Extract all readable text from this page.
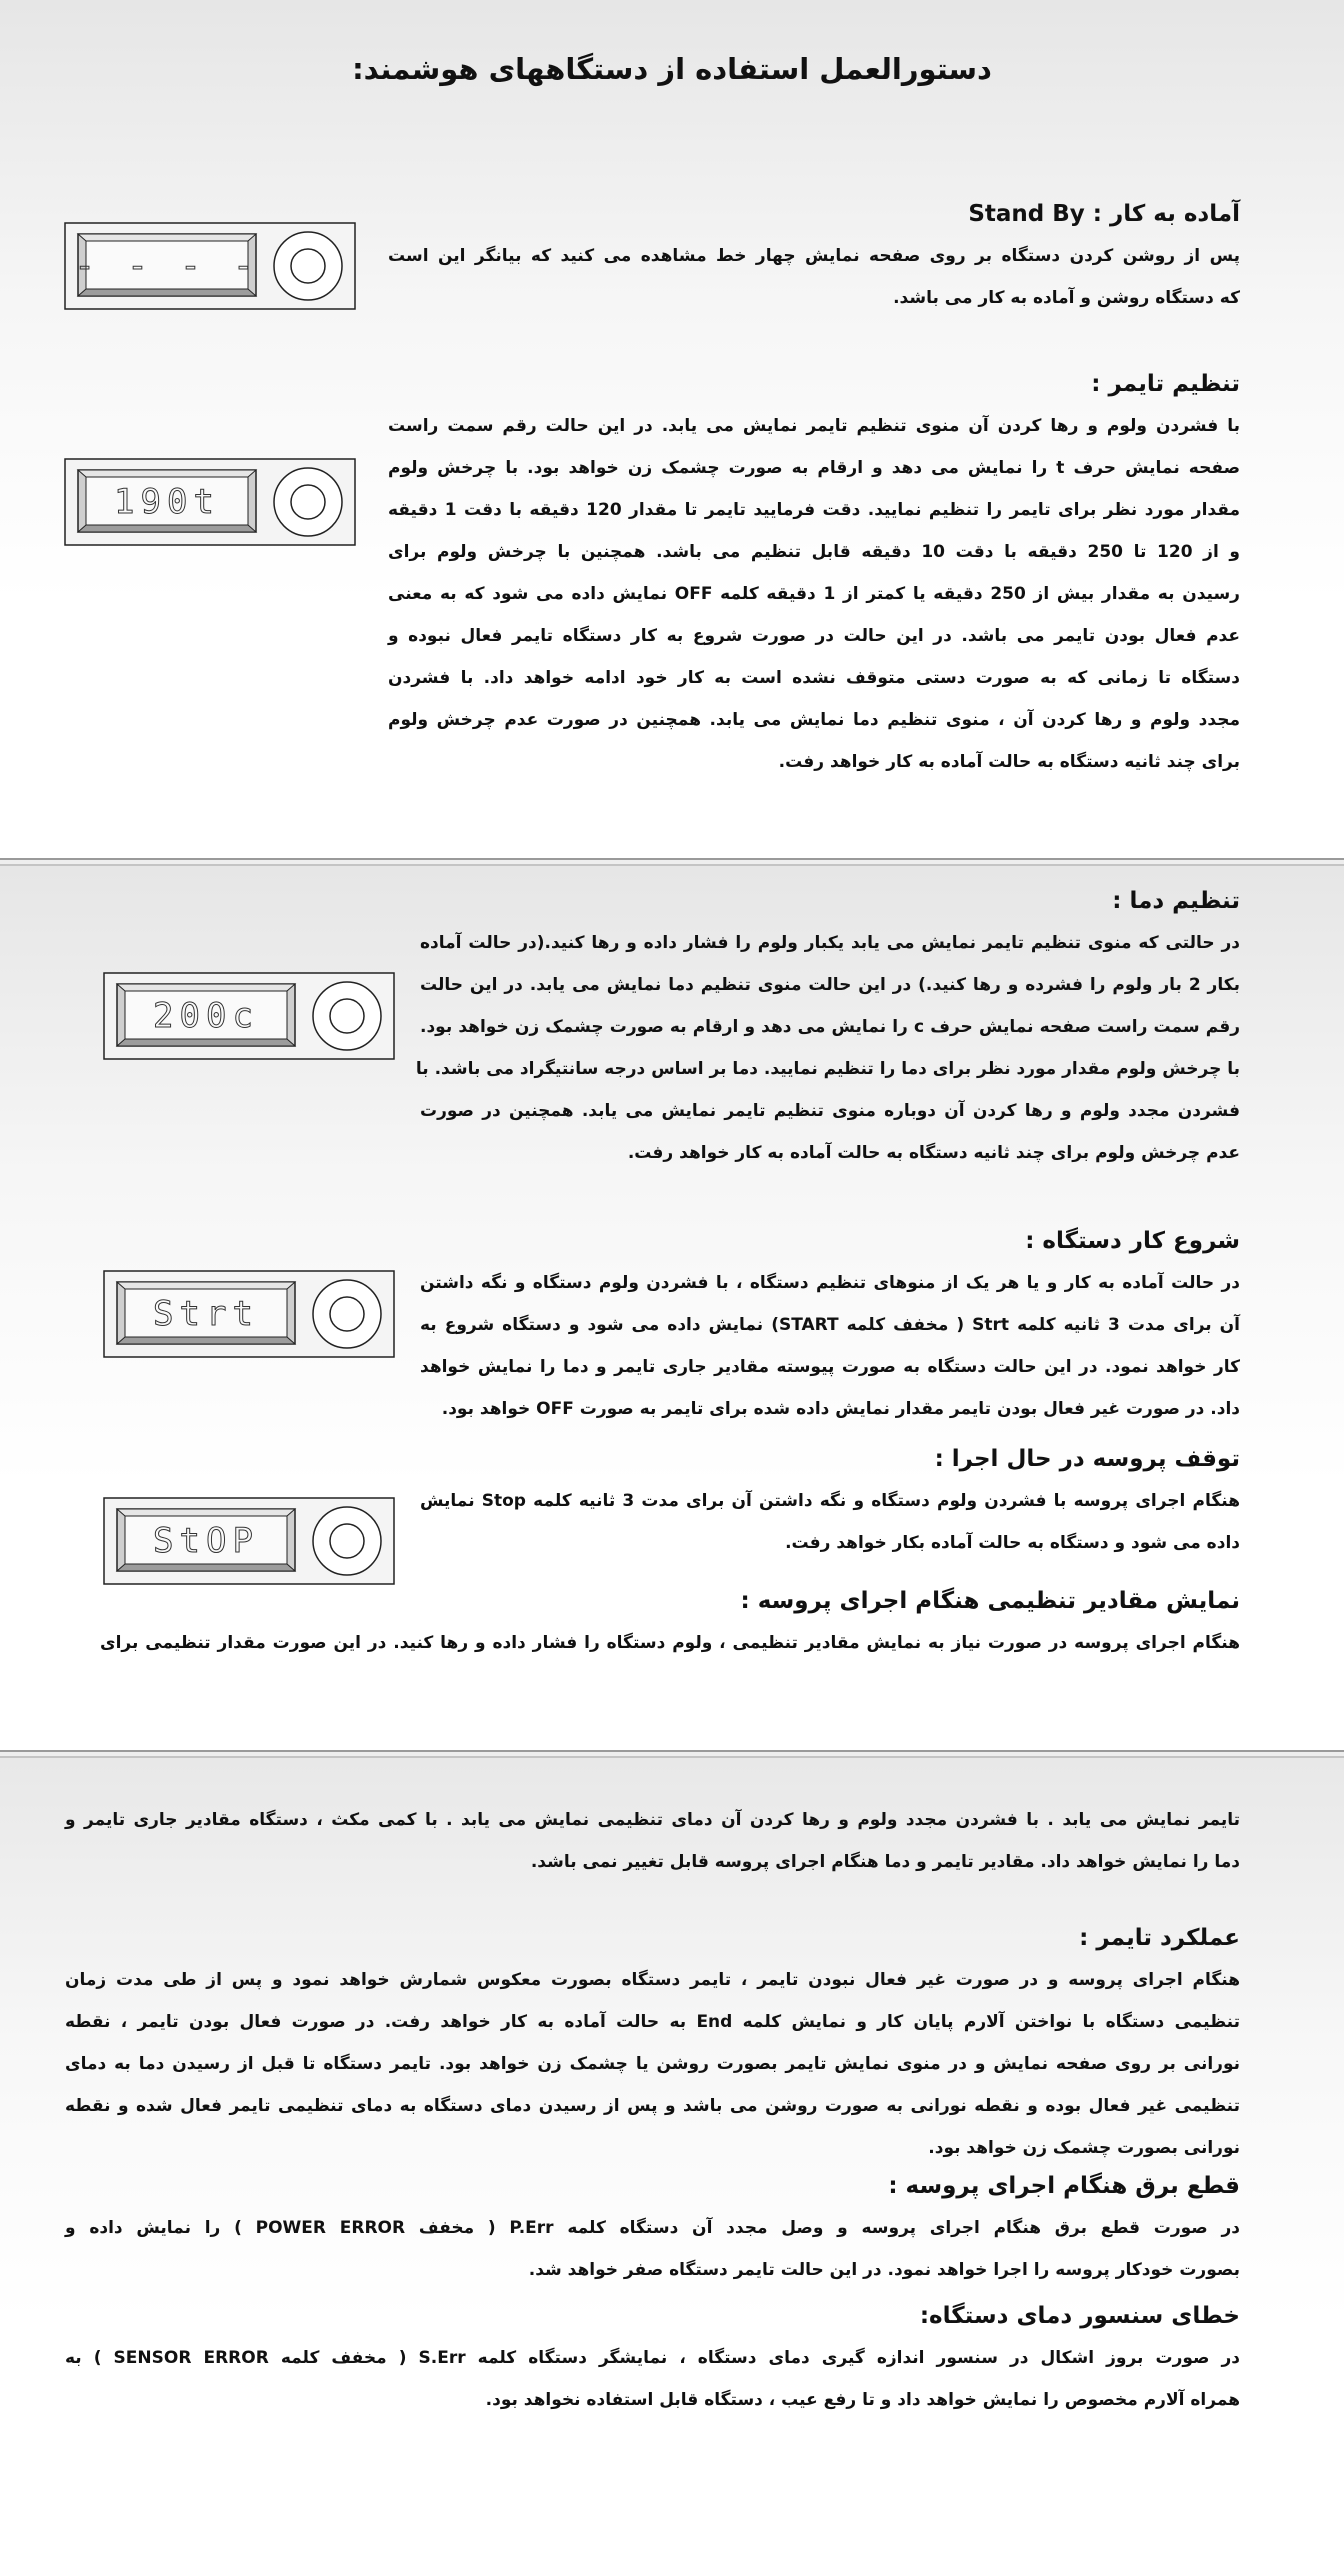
دستورالعمل استفاده از دستگاههای هوشمند:
آماده به کار : Stand By
پس از روشن کردن دستگاه بر روی صفحه نمایش چهار خط مشاهده می کنید که بیانگر این است
که دستگاه روشن و آماده به کار می باشد.
تنظیم تایمر :
با فشردن ولوم و رها کردن آن منوی تنظیم تایمر نمایش می یابد. در این حالت رقم سمت راست
صفحه نمایش حرف t را نمایش می دهد و ارقام به صورت چشمک زن خواهد بود. با چرخش ولوم
مقدار مورد نظر برای تایمر را تنظیم نمایید. دقت فرمایید تایمر تا مقدار 120 دقیقه با دقت 1 دقیقه
و از 120 تا 250 دقیقه با دقت 10 دقیقه قابل تنظیم می باشد. همچنین با چرخش ولوم برای
رسیدن به مقدار بیش از 250 دقیقه یا کمتر از 1 دقیقه کلمه OFF نمایش داده می شود که به معنی
عدم فعال بودن تایمر می باشد. در این حالت در صورت شروع به کار دستگاه تایمر فعال نبوده و
دستگاه تا زمانی که به صورت دستی متوقف نشده است به کار خود ادامه خواهد داد. با فشردن
مجدد ولوم و رها کردن آن ، منوی تنظیم دما نمایش می یابد. همچنین در صورت عدم چرخش ولوم
برای چند ثانیه دستگاه به حالت آماده به کار خواهد رفت.
تنظیم دما :
در حالتی که منوی تنظیم تایمر نمایش می یابد یکبار ولوم را فشار داده و رها کنید.(در حالت آماده
بکار 2 بار ولوم را فشرده و رها کنید.) در این حالت منوی تنظیم دما نمایش می یابد. در این حالت
رقم سمت راست صفحه نمایش حرف c را نمایش می دهد و ارقام به صورت چشمک زن خواهد بود.
با چرخش ولوم مقدار مورد نظر برای دما را تنظیم نمایید. دما بر اساس درجه سانتیگراد می باشد. با
فشردن مجدد ولوم و رها کردن آن دوباره منوی تنظیم تایمر نمایش می یابد. همچنین در صورت
عدم چرخش ولوم برای چند ثانیه دستگاه به حالت آماده به کار خواهد رفت.
شروع کار دستگاه :
در حالت آماده به کار و یا هر یک از منوهای تنظیم دستگاه ، با فشردن ولوم دستگاه و نگه داشتن
آن برای مدت 3 ثانیه کلمه Strt ( مخفف کلمه START) نمایش داده می شود و دستگاه شروع به
کار خواهد نمود. در این حالت دستگاه به صورت پیوسته مقادیر جاری تایمر و دما را نمایش خواهد
داد. در صورت غیر فعال بودن تایمر مقدار نمایش داده شده برای تایمر به صورت OFF خواهد بود.
توقف پروسه در حال اجرا :
هنگام اجرای پروسه با فشردن ولوم دستگاه و نگه داشتن آن برای مدت 3 ثانیه کلمه Stop نمایش
داده می شود و دستگاه به حالت آماده بکار خواهد رفت.
نمایش مقادیر تنظیمی هنگام اجرای پروسه :
هنگام اجرای پروسه در صورت نیاز به نمایش مقادیر تنظیمی ، ولوم دستگاه را فشار داده و رها کنید. در این صورت مقدار تنظیمی برای
تایمر نمایش می یابد . با فشردن مجدد ولوم و رها کردن آن دمای تنظیمی نمایش می یابد . با کمی مکث ، دستگاه مقادیر جاری تایمر و
دما را نمایش خواهد داد. مقادیر تایمر و دما هنگام اجرای پروسه قابل تغییر نمی باشد.
عملکرد تایمر :
هنگام اجرای پروسه و در صورت غیر فعال نبودن تایمر ، تایمر دستگاه بصورت معکوس شمارش خواهد نمود و پس از طی مدت زمان
تنظیمی دستگاه با نواختن آلارم پایان کار و نمایش کلمه End به حالت آماده به کار خواهد رفت. در صورت فعال بودن تایمر ، نقطه
نورانی بر روی صفحه نمایش و در منوی نمایش تایمر بصورت روشن یا چشمک زن خواهد بود. تایمر دستگاه تا قبل از رسیدن دما به دمای
تنظیمی غیر فعال بوده و نقطه نورانی به صورت روشن می باشد و پس از رسیدن دمای دستگاه به دمای تنظیمی تایمر فعال شده و نقطه
نورانی بصورت چشمک زن خواهد بود.
قطع برق هنگام اجرای پروسه :
در صورت قطع برق هنگام اجرای پروسه و وصل مجدد آن دستگاه کلمه P.Err ( مخفف POWER ERROR ) را نمایش داده و
بصورت خودکار پروسه را اجرا خواهد نمود. در این حالت تایمر دستگاه صفر خواهد شد.
خطای سنسور دمای دستگاه:
در صورت بروز اشکال در سنسور اندازه گیری دمای دستگاه ، نمایشگر دستگاه کلمه S.Err ( مخفف کلمه SENSOR ERROR ) به
همراه آلارم مخصوص را نمایش خواهد داد و تا رفع عیب ، دستگاه قابل استفاده نخواهد بود.
- - - -
190t
200c
Strt
StOP
